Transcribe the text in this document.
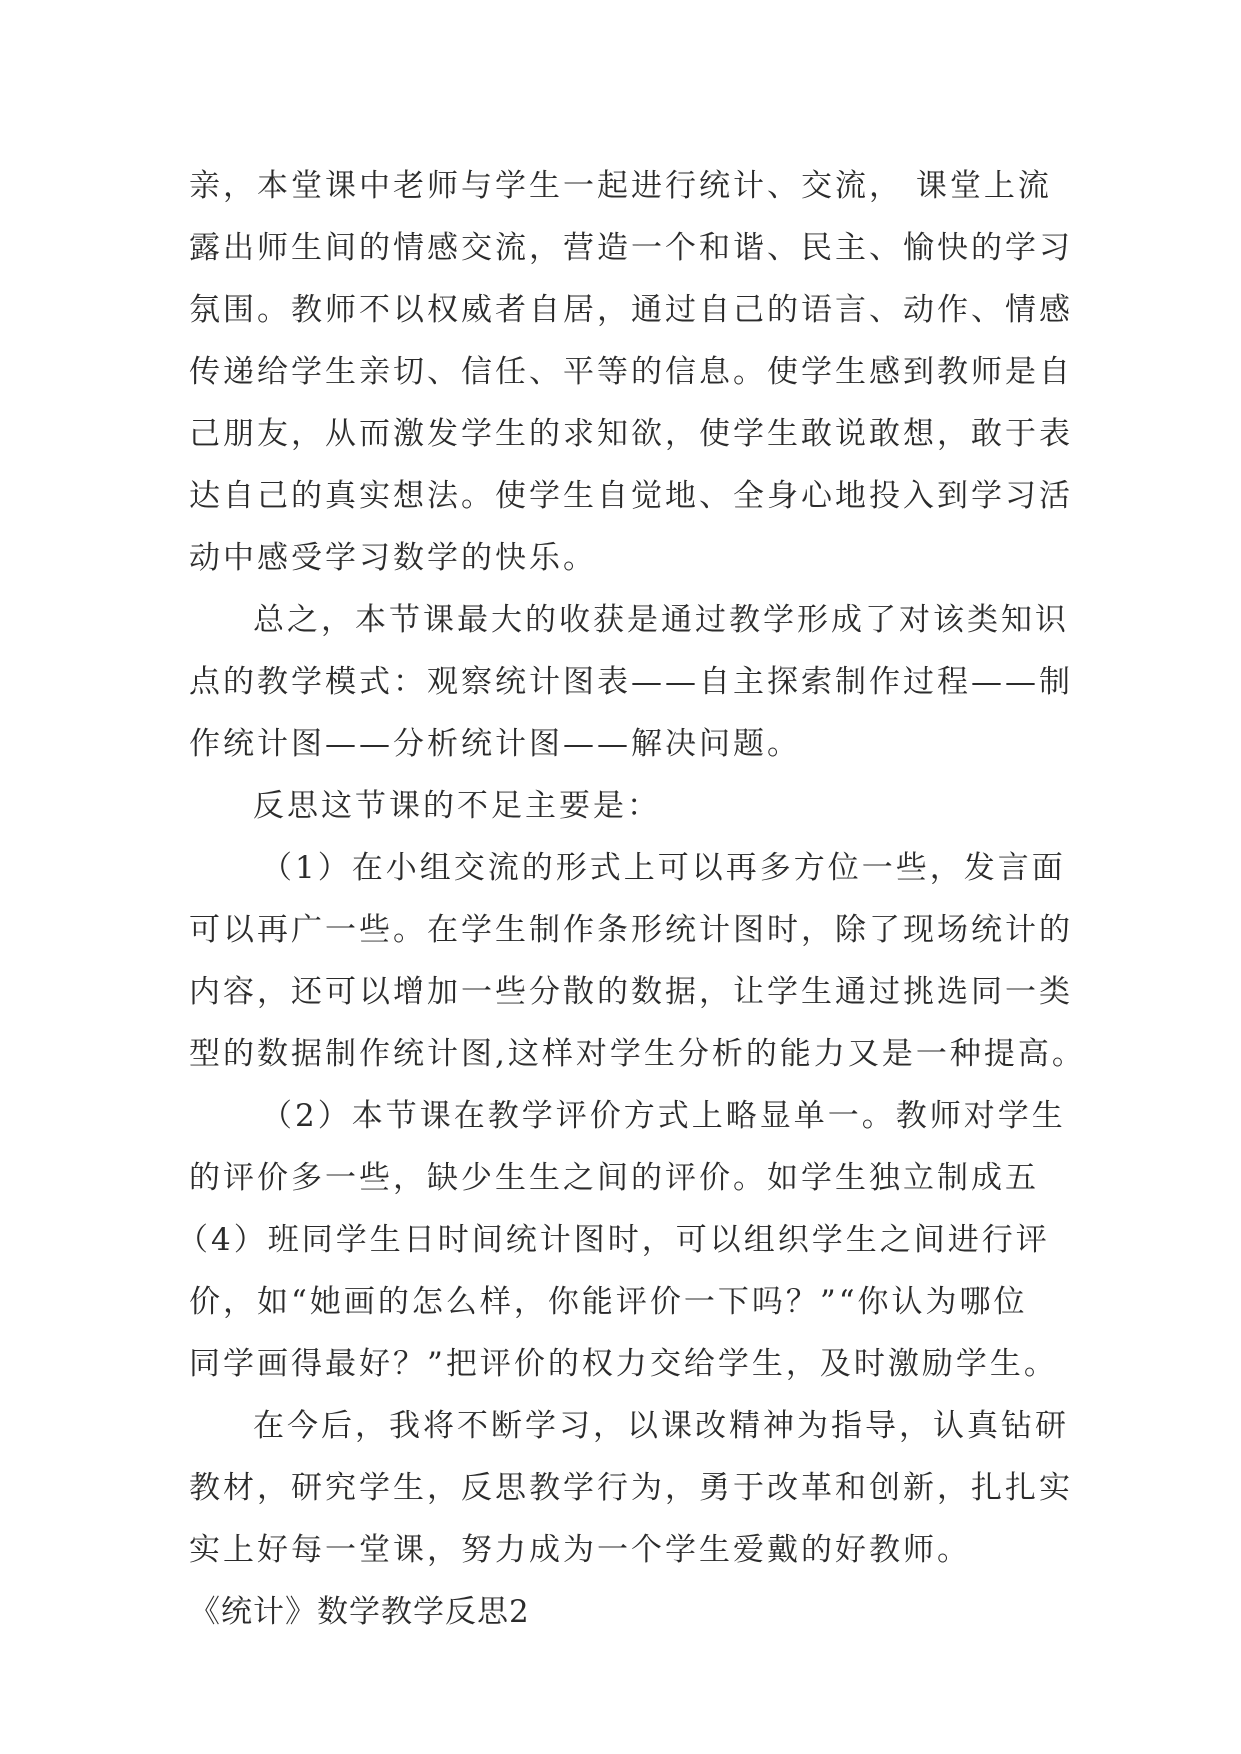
亲，本堂课中老师与学生一起进行统计、交流， 课堂上流
露出师生间的情感交流，营造一个和谐、民主、愉快的学习
氛围。教师不以权威者自居，通过自己的语言、动作、情感
传递给学生亲切、信任、平等的信息。使学生感到教师是自
己朋友，从而激发学生的求知欲，使学生敢说敢想，敢于表
达自己的真实想法。使学生自觉地、全身心地投入到学习活
动中感受学习数学的快乐。
总之，本节课最大的收获是通过教学形成了对该类知识
点的教学模式：观察统计图表——自主探索制作过程——制
作统计图——分析统计图——解决问题。
反思这节课的不足主要是：
（1）在小组交流的形式上可以再多方位一些，发言面
可以再广一些。在学生制作条形统计图时，除了现场统计的
内容，还可以增加一些分散的数据，让学生通过挑选同一类
型的数据制作统计图,这样对学生分析的能力又是一种提高。
（2）本节课在教学评价方式上略显单一。教师对学生
的评价多一些，缺少生生之间的评价。如学生独立制成五
（4）班同学生日时间统计图时，可以组织学生之间进行评
价，如“她画的怎么样，你能评价一下吗？”“你认为哪位
同学画得最好？”把评价的权力交给学生，及时激励学生。
在今后，我将不断学习，以课改精神为指导，认真钻研
教材，研究学生，反思教学行为，勇于改革和创新，扎扎实
实上好每一堂课，努力成为一个学生爱戴的好教师。
《统计》数学教学反思2
